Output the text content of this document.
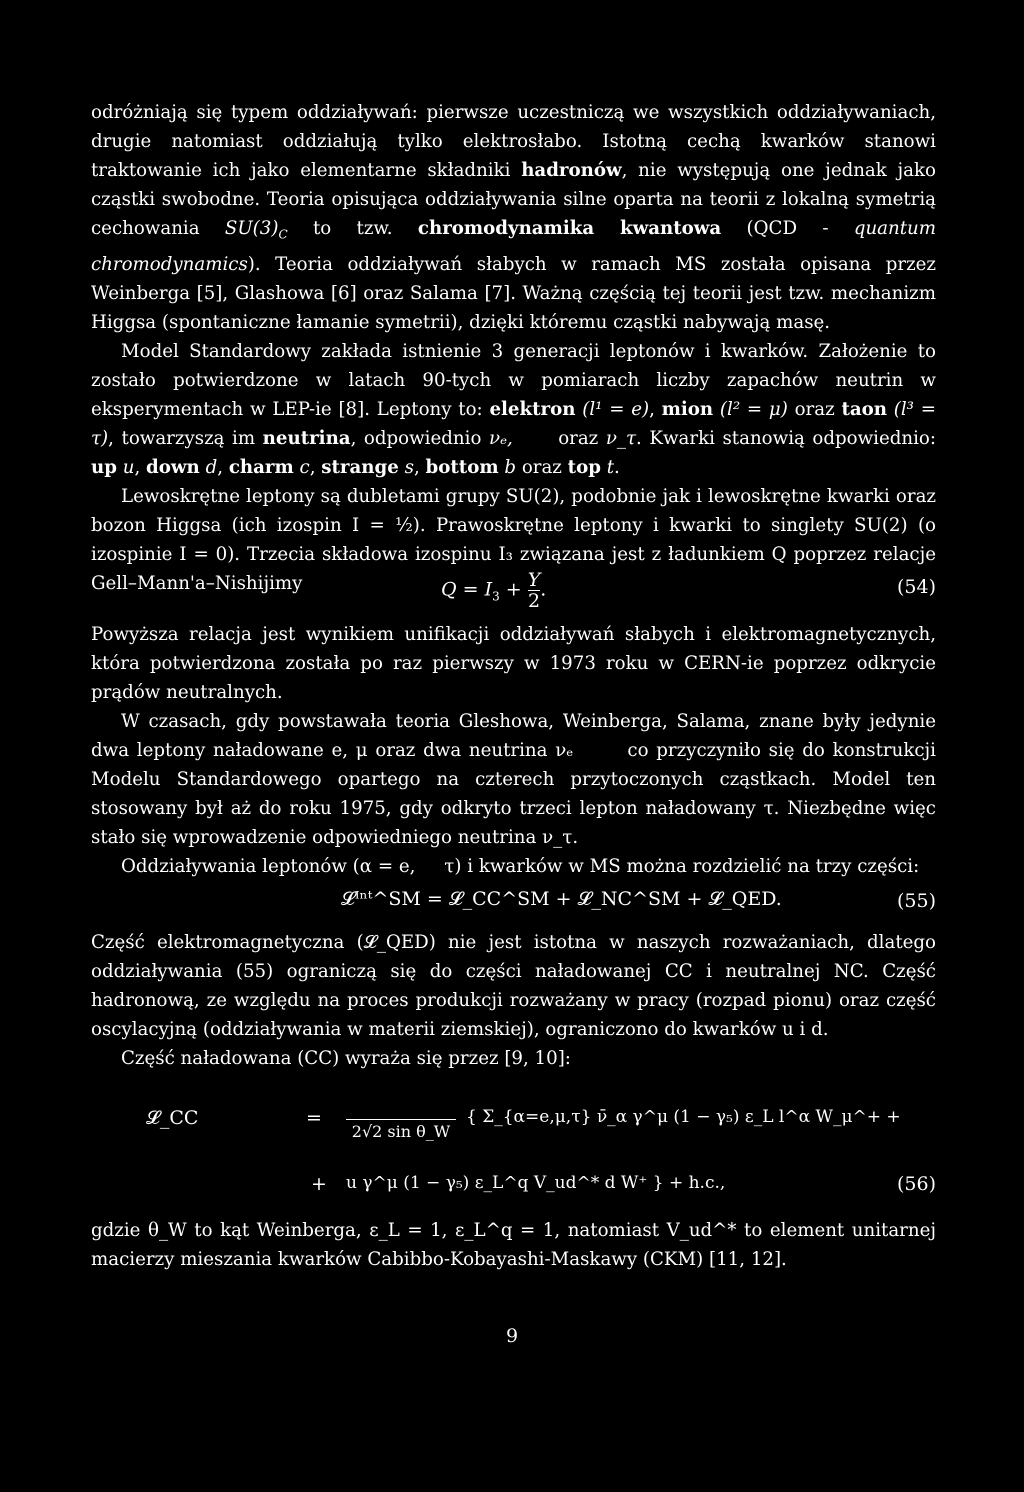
odróżniają się typem oddziaływań: pierwsze uczestniczą we wszystkich oddziaływaniach, drugie natomiast oddziałują tylko elektrosłabo. Istotną cechą kwarków stanowi traktowanie ich jako elementarne składniki hadronów, nie występują one jednak jako cząstki swobodne. Teoria opisująca oddziaływania silne oparta na teorii z lokalną symetrią cechowania $SU(3)_C$ to tzw. chromodynamika kwantowa (QCD - quantum chromodynamics). Teoria oddziaływań słabych w ramach MS została opisana przez Weinberga [5], Glashowa [6] oraz Salama [7]. Ważną częścią tej teorii jest tzw. mechanizm Higgsa (spontaniczne łamanie symetrii), dzięki któremu cząstki nabywają masę.

Model Standardowy zakłada istnienie 3 generacji leptonów i kwarków. Założenie to zostało potwierdzone w latach 90-tych w pomiarach liczby zapachów neutrin w eksperymentach w LEP-ie [8]. Leptony to: elektron (l¹ = e), mion (l² = μ) oraz taon (l³ = τ), towarzyszą im neutrina, odpowiednio νₑ,      oraz ν_τ. Kwarki stanowią odpowiednio: up u, down d, charm c, strange s, bottom b oraz top t.

Lewoskrętne leptony są dubletami grupy SU(2), podobnie jak i lewoskrętne kwarki oraz bozon Higgsa (ich izospin I = ½). Prawoskrętne leptony i kwarki to singlety SU(2) (o izospinie I = 0). Trzecia składowa izospinu I₃ związana jest z ładunkiem Q poprzez relacje Gell–Mann'a–Nishijimy	$Q = I_3 + \frac{Y}{2}$ .	(54)

Powyższa relacja jest wynikiem unifikacji oddziaływań słabych i elektromagnetycznych, która potwierdzona została po raz pierwszy w 1973 roku w CERN-ie poprzez odkrycie prądów neutralnych.

W czasach, gdy powstawała teoria Gleshowa, Weinberga, Salama, znane były jedynie dwa leptony naładowane e, μ oraz dwa neutrina νₑ       co przyczyniło się do konstrukcji Modelu Standardowego opartego na czterech przytoczonych cząstkach. Model ten stosowany był aż do roku 1975, gdy odkryto trzeci lepton naładowany τ. Niezbędne więc stało się wprowadzenie odpowiedniego neutrina ν_τ.

Oddziaływania leptonów (α = e,     τ) i kwarków w MS można rozdzielić na trzy części:

𝓛ᴵⁿᵗ^SM = 𝓛_CC^SM + 𝓛_NC^SM + 𝓛_QED.	(55)

Część elektromagnetyczna (𝓛_QED) nie jest istotna w naszych rozważaniach, dlatego oddziaływania (55) ograniczą się do części naładowanej CC i neutralnej NC. Część hadronową, ze względu na proces produkcji rozważany w pracy (rozpad pionu) oraz część oscylacyjną (oddziaływania w materii ziemskiej), ograniczono do kwarków u i d.

Część naładowana (CC) wyraża się przez [9, 10]:

𝓛_CC	=
2√2 sin θ_W
{ Σ_{α=e,μ,τ} ν̄_α γ^μ (1 − γ₅) ε_L l^α W_μ^+ +
+ u γ^μ (1 − γ₅) ε_L^q V_ud^* d W⁺ } + h.c.,	(56)

gdzie θ_W to kąt Weinberga, ε_L = 1, ε_L^q = 1, natomiast V_ud^* to element unitarnej macierzy mieszania kwarków Cabibbo-Kobayashi-Maskawy (CKM) [11, 12].

9
